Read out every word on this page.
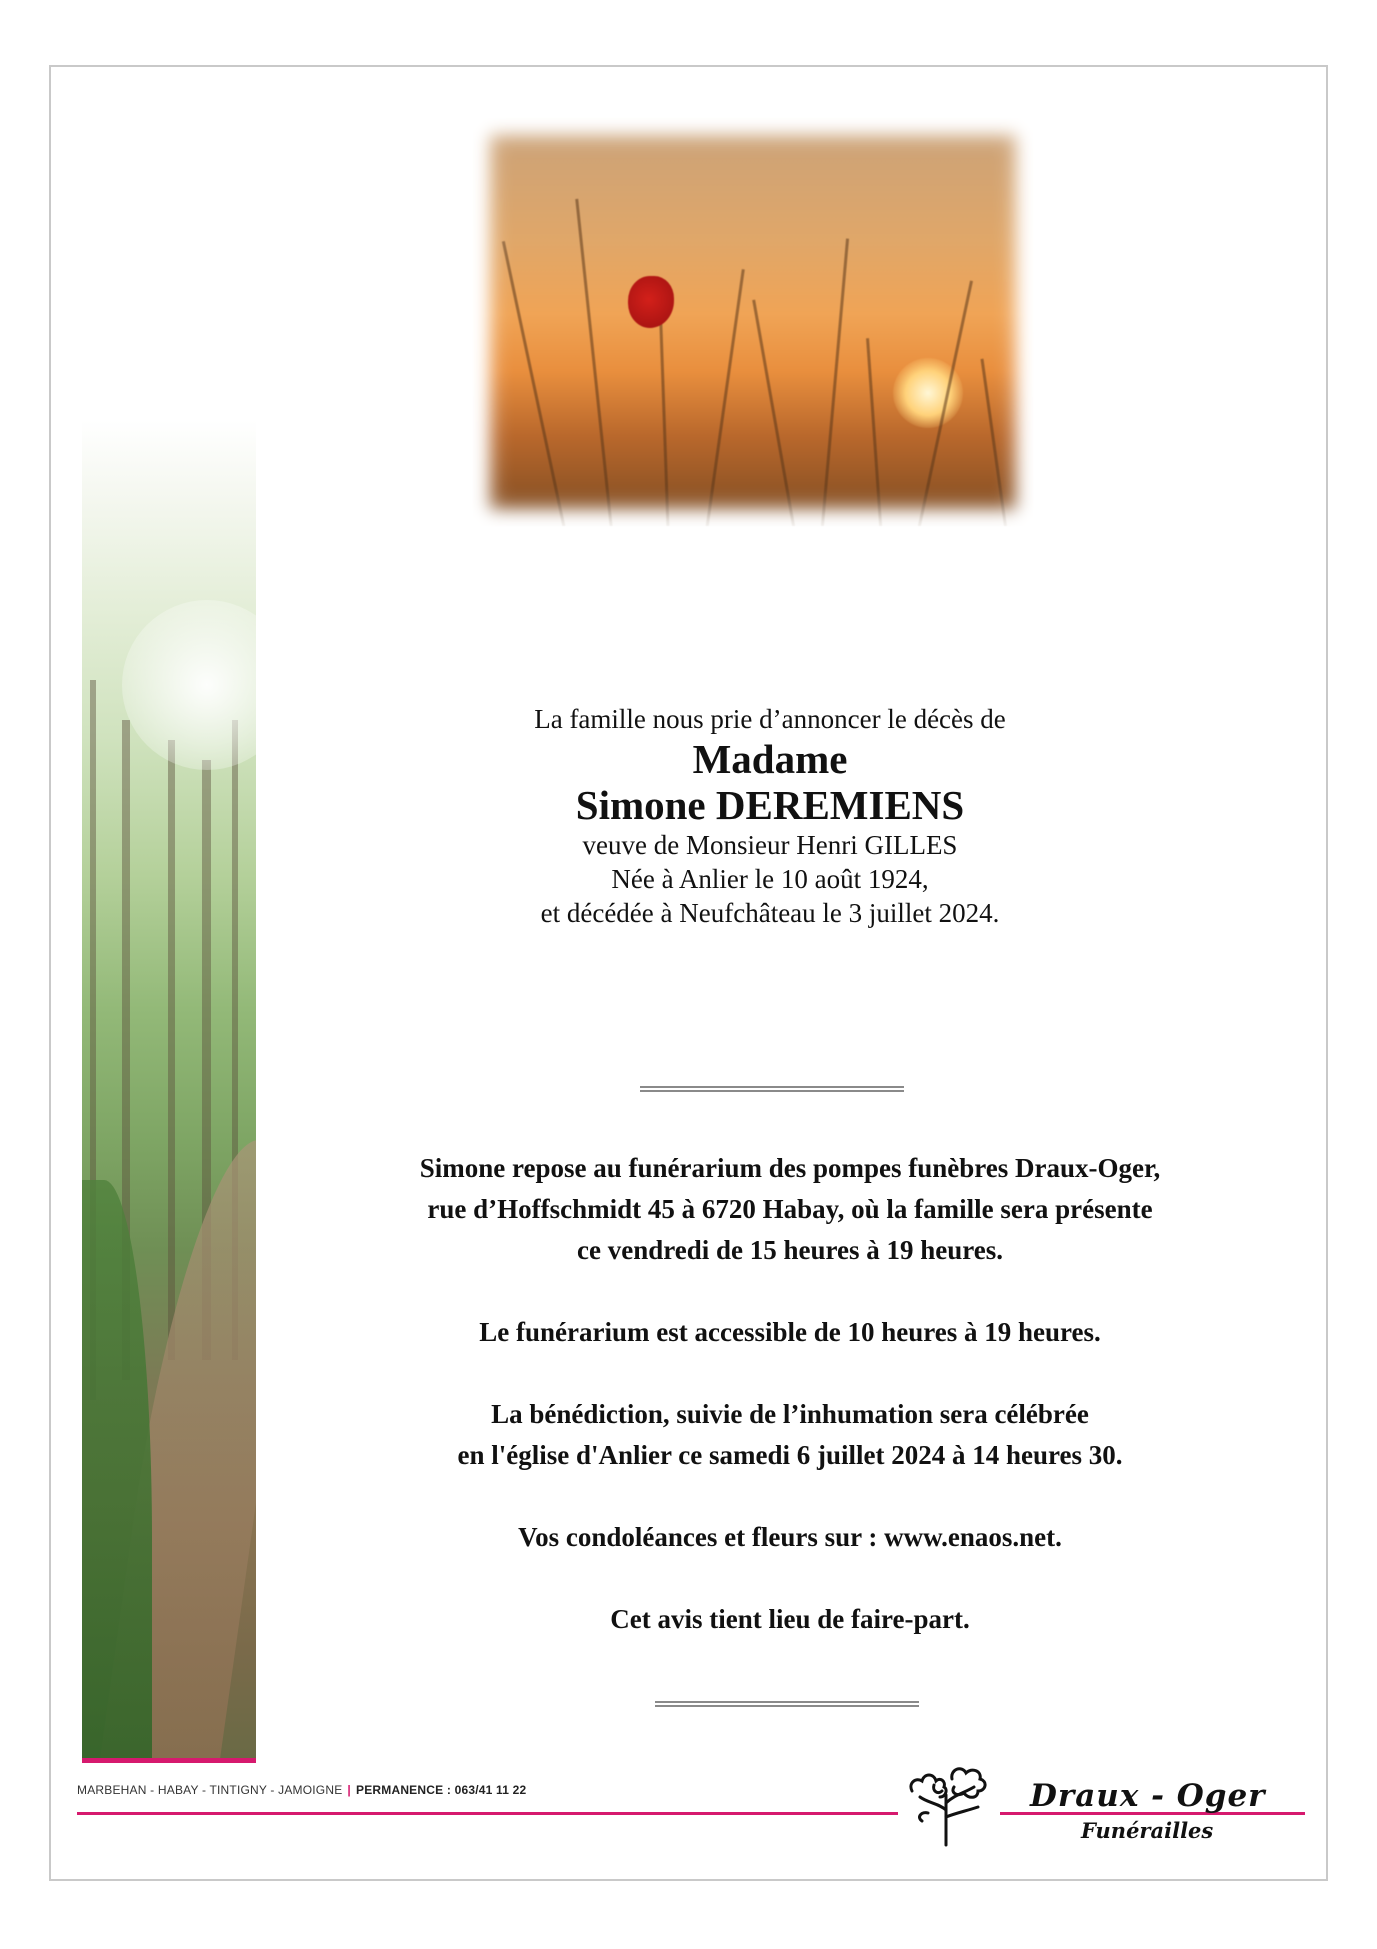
La famille nous prie d’annoncer le décès de
Madame
Simone DEREMIENS
veuve de Monsieur Henri GILLES
Née à Anlier le 10 août 1924,
et décédée à Neufchâteau le 3 juillet 2024.

Simone repose au funérarium des pompes funèbres Draux-Oger,
rue d’Hoffschmidt 45 à 6720 Habay, où la famille sera présente
ce vendredi de 15 heures à 19 heures.

Le funérarium est accessible de 10 heures à 19 heures.

La bénédiction, suivie de l’inhumation sera célébrée
en l'église d'Anlier ce samedi 6 juillet 2024 à 14 heures 30.

Vos condoléances et fleurs sur : www.enaos.net.

Cet avis tient lieu de faire-part.

MARBEHAN - HABAY - TINTIGNY - JAMOIGNE | PERMANENCE : 063/41 11 22	Draux - Oger
Funérailles
